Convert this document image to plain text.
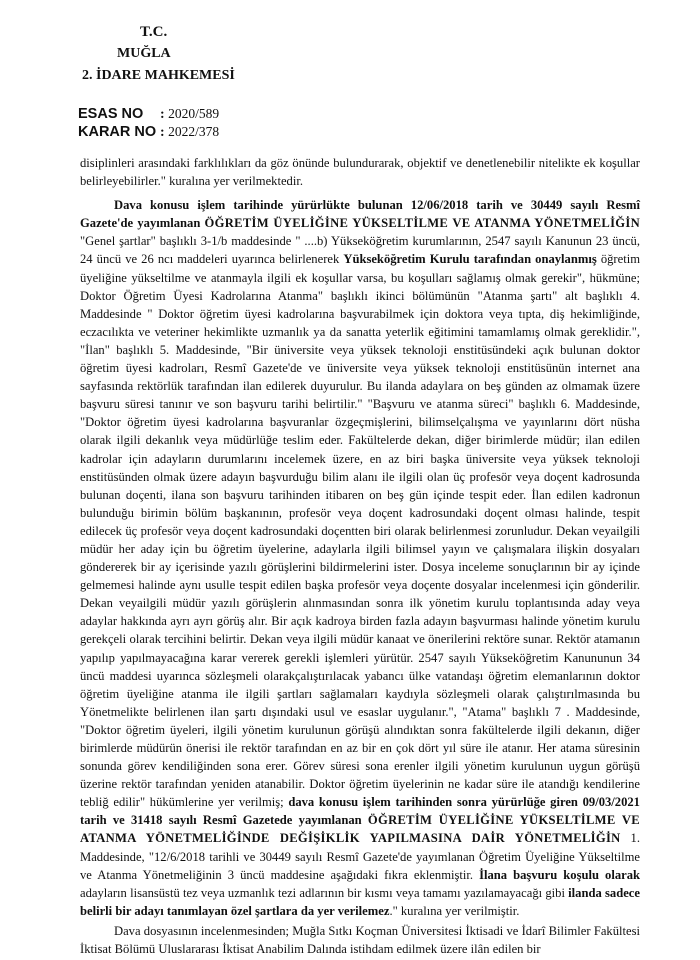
T.C.
MUĞLA
2. İDARE MAHKEMESİ
ESAS NO : 2020/589
KARAR NO : 2022/378

disiplinleri arasındaki farklılıkları da göz önünde bulundurarak, objektif ve denetlenebilir nitelikte ek koşullar belirleyebilirler." kuralına yer verilmektedir.

Dava konusu işlem tarihinde yürürlükte bulunan 12/06/2018 tarih ve 30449 sayılı Resmî Gazete'de yayımlanan ÖĞRETİM ÜYELİĞİNE YÜKSELTİLME VE ATANMA YÖNETMELİĞİN "Genel şartlar" başlıklı 3-1/b maddesinde " ....b) Yükseköğretim kurumlarının, 2547 sayılı Kanunun 23 üncü, 24 üncü ve 26 ncı maddeleri uyarınca belirlenerek Yükseköğretim Kurulu tarafından onaylanmış öğretim üyeliğine yükseltilme ve atanmayla ilgili ek koşullar varsa, bu koşulları sağlamış olmak gerekir", hükmüne; Doktor Öğretim Üyesi Kadrolarına Atanma" başlıklı ikinci bölümünün "Atanma şartı" alt başlıklı 4. Maddesinde " Doktor öğretim üyesi kadrolarına başvurabilmek için doktora veya tıpta, diş hekimliğinde, eczacılıkta ve veteriner hekimlikte uzmanlık ya da sanatta yeterlik eğitimini tamamlamış olmak gereklidir.", "İlan" başlıklı 5. Maddesinde, "Bir üniversite veya yüksek teknoloji enstitüsündeki açık bulunan doktor öğretim üyesi kadroları, Resmî Gazete'de ve üniversite veya yüksek teknoloji enstitüsünün internet ana sayfasında rektörlük tarafından ilan edilerek duyurulur. Bu ilanda adaylara on beş günden az olmamak üzere başvuru süresi tanınır ve son başvuru tarihi belirtilir." "Başvuru ve atanma süreci" başlıklı 6. Maddesinde, "Doktor öğretim üyesi kadrolarına başvuranlar özgeçmişlerini, bilimselçalışma ve yayınlarını dört nüsha olarak ilgili dekanlık veya müdürlüğe teslim eder. Fakültelerde dekan, diğer birimlerde müdür; ilan edilen kadrolar için adayların durumlarını incelemek üzere, en az biri başka üniversite veya yüksek teknoloji enstitüsünden olmak üzere adayın başvurduğu bilim alanı ile ilgili olan üç profesör veya doçent kadrosunda bulunan doçenti, ilana son başvuru tarihinden itibaren on beş gün içinde tespit eder. İlan edilen kadronun bulunduğu birimin bölüm başkanının, profesör veya doçent kadrosundaki doçent olması halinde, tespit edilecek üç profesör veya doçent kadrosundaki doçentten biri olarak belirlenmesi zorunludur. Dekan veyailgili müdür her aday için bu öğretim üyelerine, adaylarla ilgili bilimsel yayın ve çalışmalara ilişkin dosyaları göndererek bir ay içerisinde yazılı görüşlerini bildirmelerini ister. Dosya inceleme sonuçlarının bir ay içinde gelmemesi halinde aynı usulle tespit edilen başka profesör veya doçente dosyalar incelenmesi için gönderilir. Dekan veyailgili müdür yazılı görüşlerin alınmasından sonra ilk yönetim kurulu toplantısında aday veya adaylar hakkında ayrı ayrı görüş alır. Bir açık kadroya birden fazla adayın başvurması halinde yönetim kurulu gerekçeli olarak tercihini belirtir. Dekan veya ilgili müdür kanaat ve önerilerini rektöre sunar. Rektör atamanın yapılıp yapılmayacağına karar vererek gerekli işlemleri yürütür. 2547 sayılı Yükseköğretim Kanununun 34 üncü maddesi uyarınca sözleşmeli olarakçalıştırılacak yabancı ülke vatandaşı öğretim elemanlarının doktor öğretim üyeliğine atanma ile ilgili şartları sağlamaları kaydıyla sözleşmeli olarak çalıştırılmasında bu Yönetmelikte belirlenen ilan şartı dışındaki usul ve esaslar uygulanır.", "Atama" başlıklı 7 . Maddesinde, "Doktor öğretim üyeleri, ilgili yönetim kurulunun görüşü alındıktan sonra fakültelerde ilgili dekanın, diğer birimlerde müdürün önerisi ile rektör tarafından en az bir en çok dört yıl süre ile atanır. Her atama süresinin sonunda görev kendiliğinden sona erer. Görev süresi sona erenler ilgili yönetim kurulunun uygun görüşü üzerine rektör tarafından yeniden atanabilir. Doktor öğretim üyelerinin ne kadar süre ile atandığı kendilerine tebliğ edilir" hükümlerine yer verilmiş; dava konusu işlem tarihinden sonra yürürlüğe giren 09/03/2021 tarih ve 31418 sayılı Resmî Gazetede yayımlanan ÖĞRETİM ÜYELİĞİNE YÜKSELTİLME VE ATANMA YÖNETMELİĞİNDE DEĞİŞİKLİK YAPILMASINA DAİR YÖNETMELİĞİN 1. Maddesinde, "12/6/2018 tarihli ve 30449 sayılı Resmî Gazete'de yayımlanan Öğretim Üyeliğine Yükseltilme ve Atanma Yönetmeliğinin 3 üncü maddesine aşağıdaki fıkra eklenmiştir. İlana başvuru koşulu olarak adayların lisansüstü tez veya uzmanlık tezi adlarının bir kısmı veya tamamı yazılamayacağı gibi ilanda sadece belirli bir adayı tanımlayan özel şartlara da yer verilemez." kuralına yer verilmiştir.

Dava dosyasının incelenmesinden; Muğla Sıtkı Koçman Üniversitesi İktisadi ve İdarî Bilimler Fakültesi İktisat Bölümü Uluslararası İktisat Anabilim Dalında istihdam edilmek üzere ilân edilen bir
